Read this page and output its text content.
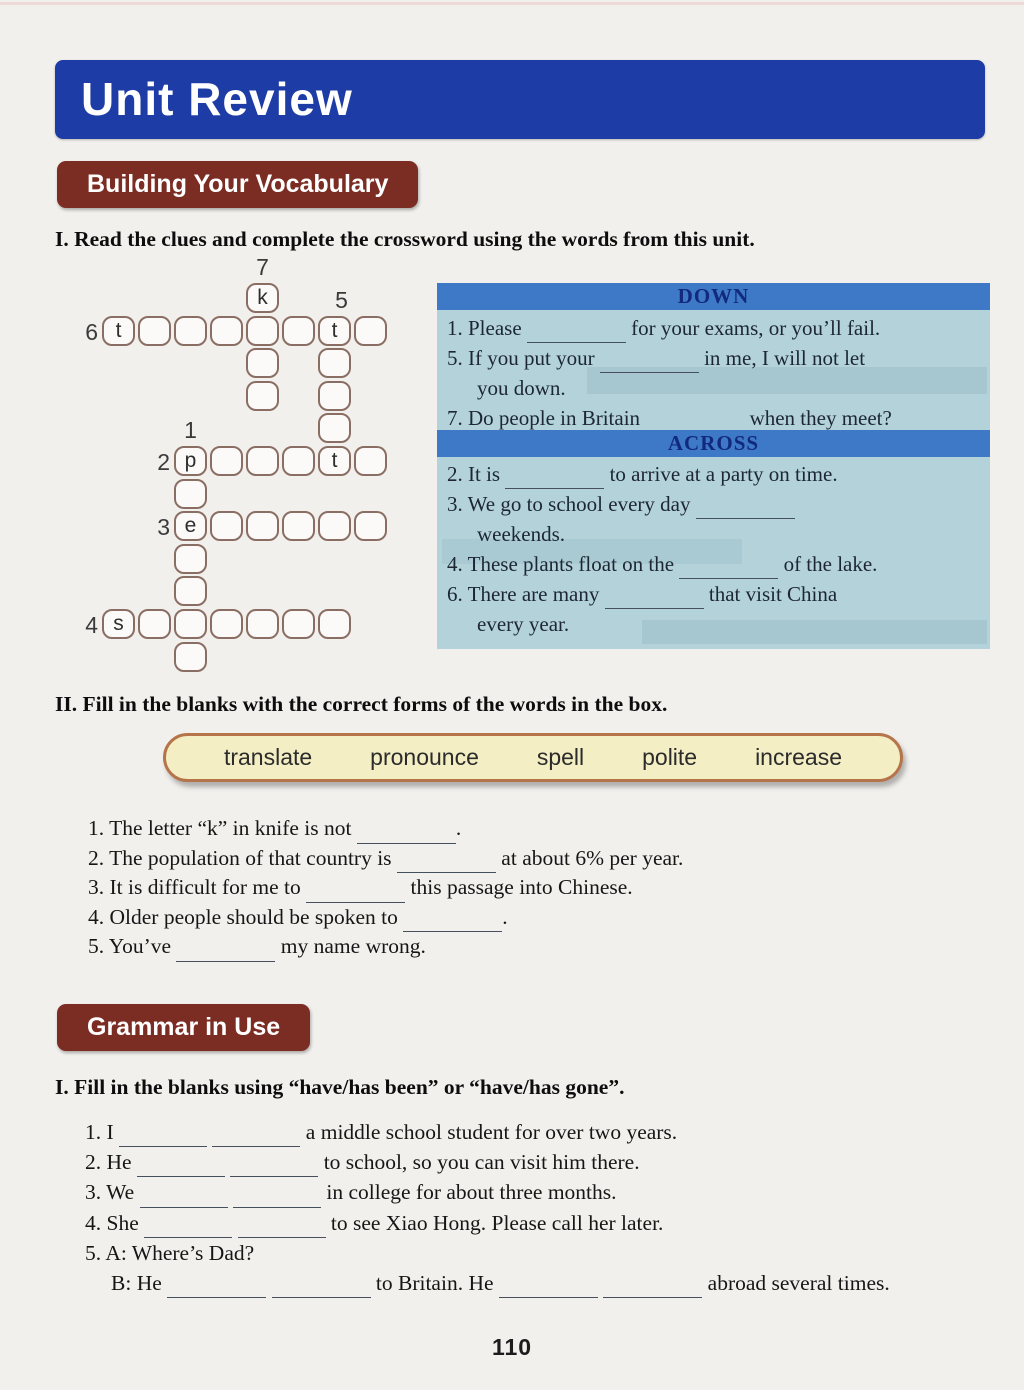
Unit Review
Building Your Vocabulary
I. Read the clues and complete the crossword using the words from this unit.
k
t	t
p	t
e
s
7
5
6
1
2
3
4
DOWN
1. Please	for your exams, or you’ll fail.
5. If you put your	in me, I will not let
you down.
7. Do people in Britain	when they meet?
ACROSS
2. It is	to arrive at a party on time.
3. We go to school every day
weekends.
4. These plants float on the	of the lake.
6. There are many	that visit China
every year.
II. Fill in the blanks with the correct forms of the words in the box.
translate	pronounce	spell	polite	increase
1. The letter “k” in knife is not	.
2. The population of that country is	at about 6% per year.
3. It is difficult for me to	this passage into Chinese.
4. Older people should be spoken to	.
5. You’ve	my name wrong.
Grammar in Use
I. Fill in the blanks using “have/has been” or “have/has gone”.
1. I	a middle school student for over two years.
2. He	to school, so you can visit him there.
3. We	in college for about three months.
4. She	to see Xiao Hong. Please call her later.
5. A: Where’s Dad?
B: He	to Britain. He	abroad several times.
110
